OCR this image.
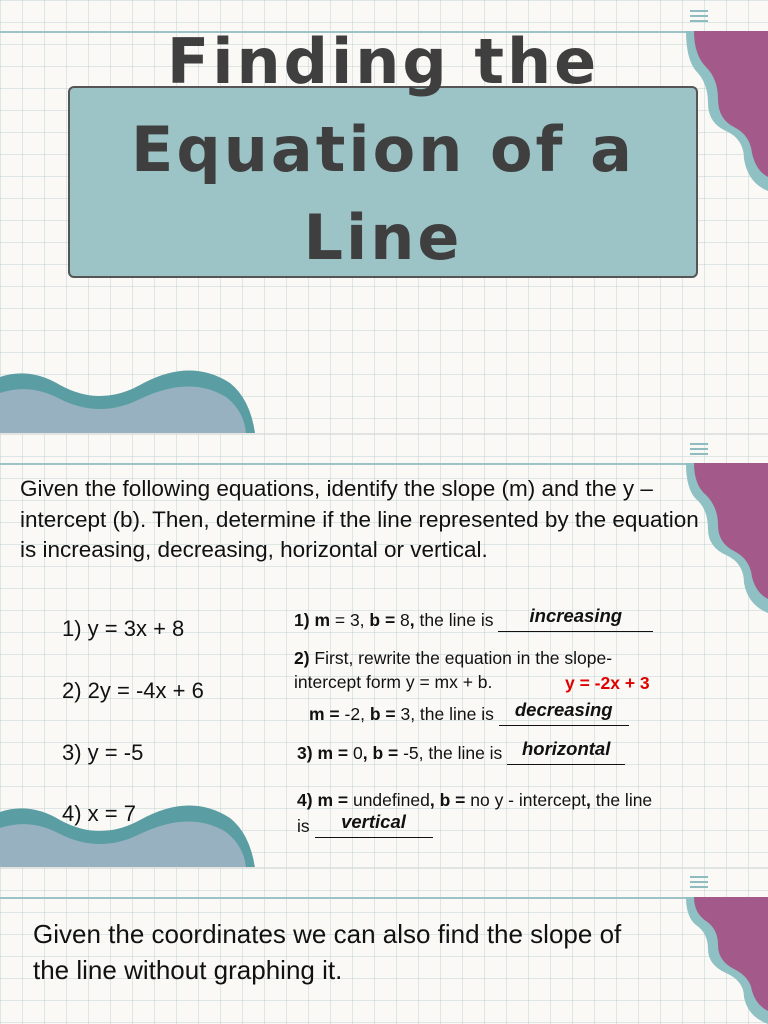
Finding the
Equation of a
Line

Given the following equations, identify the slope (m) and the y – intercept (b). Then, determine if the line represented by the equation is increasing, decreasing, horizontal or vertical.

1) y = 3x + 8
2) 2y = -4x + 6
3) y = -5
4) x = 7
1) m = 3, b = 8, the line is	increasing
2) First, rewrite the equation in the slope-
intercept form y = mx + b.	y = -2x + 3
m = -2, b = 3, the line is decreasing
3) m = 0, b = -5, the line is horizontal
4) m = undefined, b = no y - intercept, the line
is	vertical

Given the coordinates we can also find the slope of the line without graphing it.
